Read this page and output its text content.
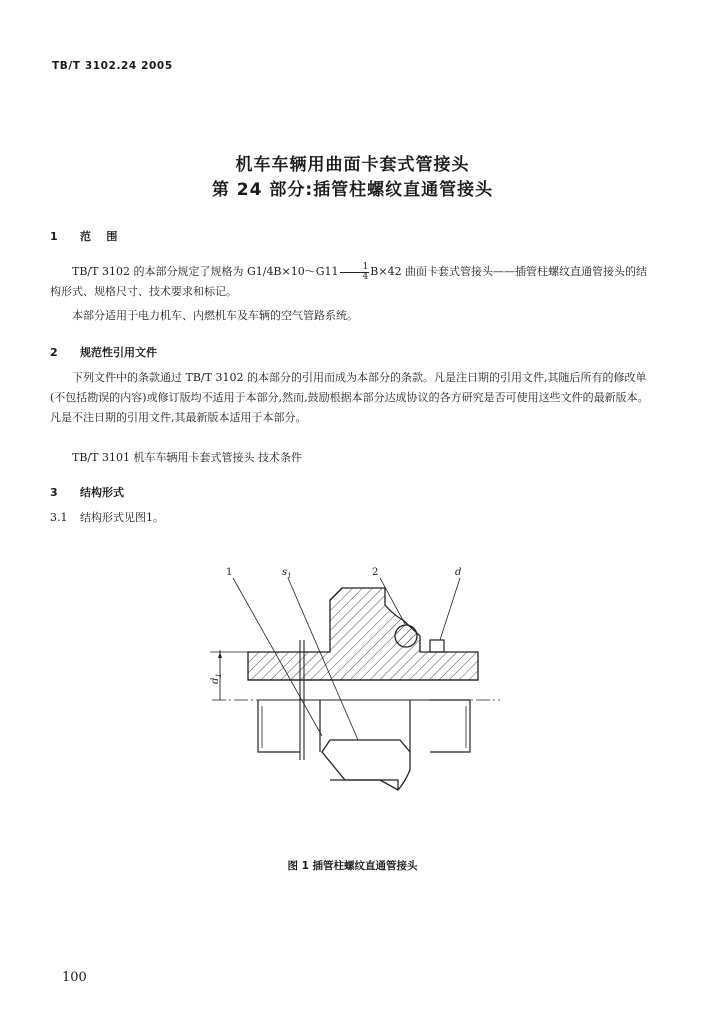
TB/T 3102.24 2005
机车车辆用曲面卡套式管接头
第 24 部分:插管柱螺纹直通管接头
1 范    围
TB/T 3102 的本部分规定了规格为 G1/4B×10～G11 $\frac{1}{4} B\times 42$ 曲面卡套式管接头——插管柱螺纹直通管接头的结构形式、规格尺寸、技术要求和标记。
本部分适用于电力机车、内燃机车及车辆的空气管路系统。
2 规范性引用文件
下列文件中的条款通过 TB/T 3102 的本部分的引用而成为本部分的条款。凡是注日期的引用文件,其随后所有的修改单(不包括勘误的内容)或修订版均不适用于本部分,然而,鼓励根据本部分达成协议的各方研究是否可使用这些文件的最新版本。凡是不注日期的引用文件,其最新版本适用于本部分。
TB/T 3101 机车车辆用卡套式管接头 技术条件
3 结构形式
3.1 结构形式见图1。
$d_1$
1	$s_1$	2	d
图 1 插管柱螺纹直通管接头
100
